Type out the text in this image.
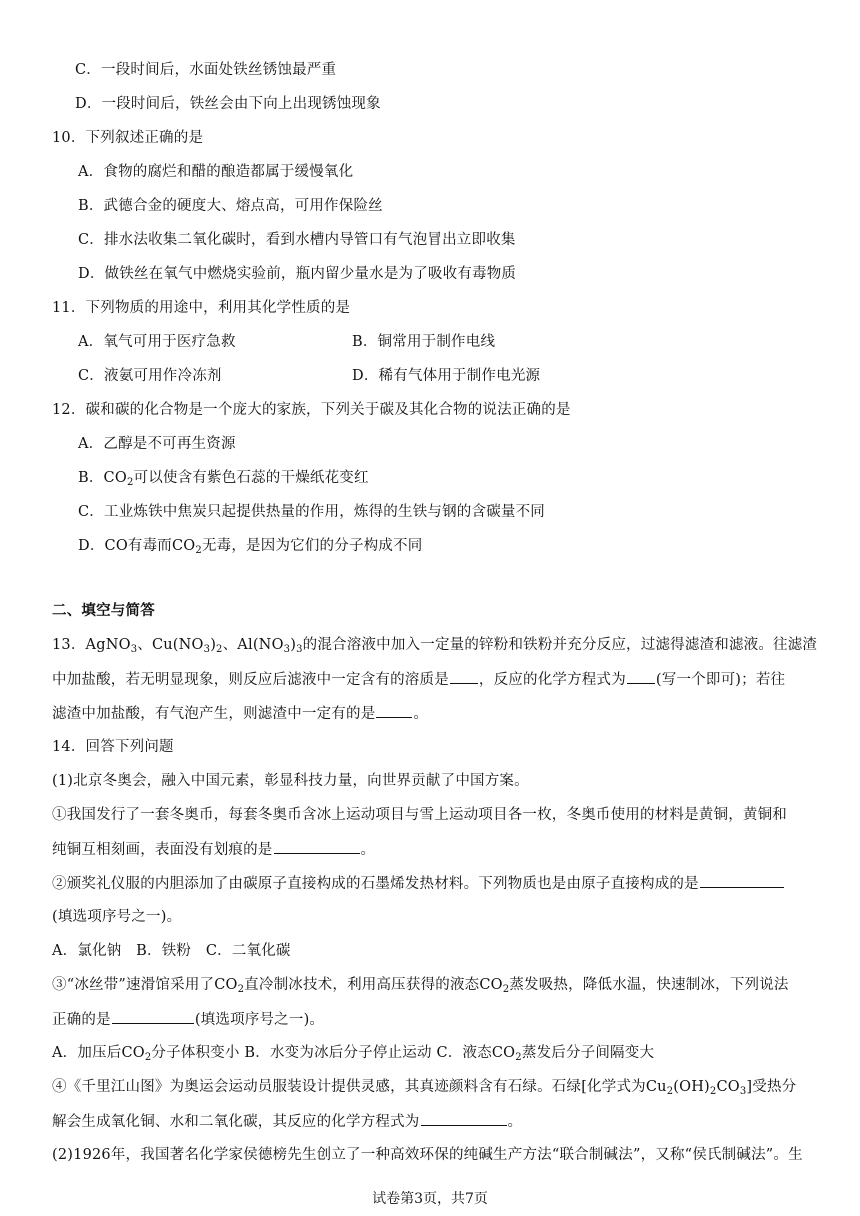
C．一段时间后，水面处铁丝锈蚀最严重
D．一段时间后，铁丝会由下向上出现锈蚀现象
10．下列叙述正确的是
A．食物的腐烂和醋的酿造都属于缓慢氧化
B．武德合金的硬度大、熔点高，可用作保险丝
C．排水法收集二氧化碳时，看到水槽内导管口有气泡冒出立即收集
D．做铁丝在氧气中燃烧实验前，瓶内留少量水是为了吸收有毒物质
11．下列物质的用途中，利用其化学性质的是
A．氧气可用于医疗急救	B．铜常用于制作电线
C．液氨可用作冷冻剂	D．稀有气体用于制作电光源
12．碳和碳的化合物是一个庞大的家族，下列关于碳及其化合物的说法正确的是
A．乙醇是不可再生资源
B．$CO_2$可以使含有紫色石蕊的干燥纸花变红
C．工业炼铁中焦炭只起提供热量的作用，炼得的生铁与钢的含碳量不同
D．CO有毒而$CO_2$无毒，是因为它们的分子构成不同
二、填空与简答
13．AgNO$_3$、$Cu(NO_3)_2$、$Al(NO_3)_3$的混合溶液中加入一定量的锌粉和铁粉并充分反应，过滤得滤渣和滤液。往滤渣
中加盐酸，若无明显现象，则反应后滤液中一定含有的溶质是 ，反应的化学方程式为 (写一个即可)；若往
滤渣中加盐酸，有气泡产生，则滤渣中一定有的是	。
14．回答下列问题
(1)北京冬奥会，融入中国元素，彰显科技力量，向世界贡献了中国方案。
①我国发行了一套冬奥币，每套冬奥币含冰上运动项目与雪上运动项目各一枚，冬奥币使用的材料是黄铜，黄铜和
纯铜互相刻画，表面没有划痕的是	。
②颁奖礼仪服的内胆添加了由碳原子直接构成的石墨烯发热材料。下列物质也是由原子直接构成的是
(填选项序号之一)。
A．氯化钠　B．铁粉　C．二氧化碳
③“冰丝带”速滑馆采用了$CO_2$直冷制冰技术，利用高压获得的液态$CO_2$蒸发吸热，降低水温，快速制冰，下列说法
正确的是	(填选项序号之一)。
A．加压后$CO_2$分子体积变小 B．水变为冰后分子停止运动 C．液态$CO_2$蒸发后分子间隔变大
④《千里江山图》为奥运会运动员服装设计提供灵感，其真迹颜料含有石绿。石绿[化学式为$Cu_2(OH)_2CO_3$]受热分
解会生成氧化铜、水和二氧化碳，其反应的化学方程式为	。
(2)1926年，我国著名化学家侯德榜先生创立了一种高效环保的纯碱生产方法“联合制碱法”，又称“侯氏制碱法”。生
试卷第3页，共7页
